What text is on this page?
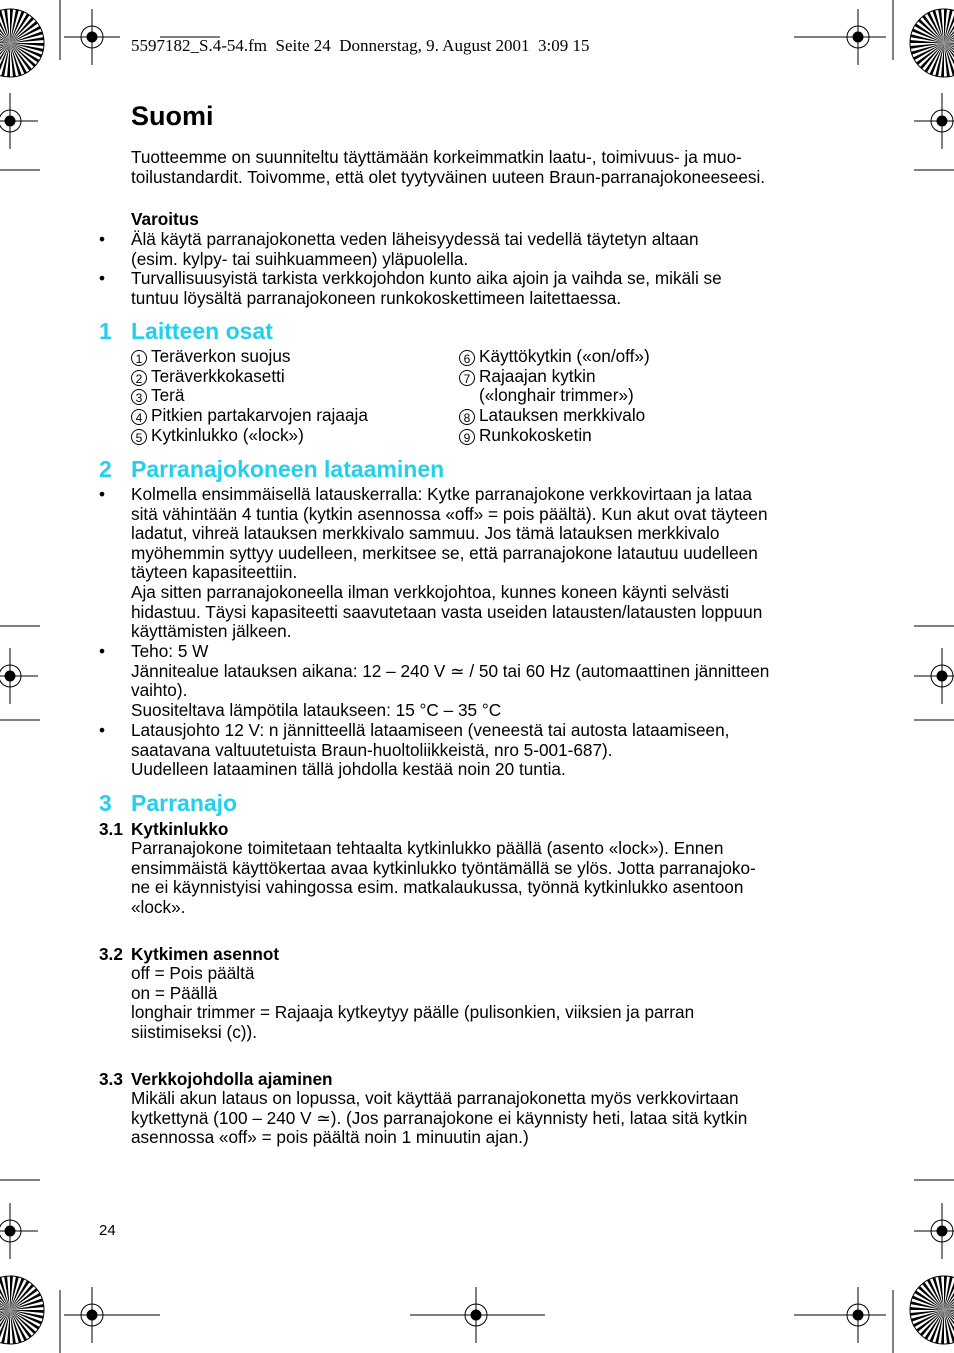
5597182_S.4-54.fm  Seite 24  Donnerstag, 9. August 2001  3:09 15
Suomi
Tuotteemme on suunniteltu täyttämään korkeimmatkin laatu-, toimivuus- ja muo-
toilustandardit. Toivomme, että olet tyytyväinen uuteen Braun-parranajokoneeseesi.
Varoitus
• Älä käytä parranajokonetta veden läheisyydessä tai vedellä täytetyn altaan
(esim. kylpy- tai suihkuammeen) yläpuolella.
• Turvallisuusyistä tarkista verkkojohdon kunto aika ajoin ja vaihda se, mikäli se
tuntuu löysältä parranajokoneen runkokoskettimeen laitettaessa.
1 Laitteen osat
1 Teräverkon suojus
2 Teräverkkokasetti
3 Terä
4 Pitkien partakarvojen rajaaja
5 Kytkinlukko («lock»)
6 Käyttökytkin («on/off»)
7 Rajaajan kytkin
(«longhair trimmer»)
8 Latauksen merkkivalo
9 Runkokosketin
2 Parranajokoneen lataaminen
• Kolmella ensimmäisellä latauskerralla: Kytke parranajokone verkkovirtaan ja lataa
sitä vähintään 4 tuntia (kytkin asennossa «off» = pois päältä). Kun akut ovat täyteen
ladatut, vihreä latauksen merkkivalo sammuu. Jos tämä latauksen merkkivalo
myöhemmin syttyy uudelleen, merkitsee se, että parranajokone latautuu uudelleen
täyteen kapasiteettiin.
Aja sitten parranajokoneella ilman verkkojohtoa, kunnes koneen käynti selvästi
hidastuu. Täysi kapasiteetti saavutetaan vasta useiden latausten/latausten loppuun
käyttämisten jälkeen.
• Teho: 5 W
Jännitealue latauksen aikana: 12 – 240 V ≃ / 50 tai 60 Hz (automaattinen jännitteen
vaihto).
Suositeltava lämpötila lataukseen: 15 °C – 35 °C
• Latausjohto 12 V: n jännitteellä lataamiseen (veneestä tai autosta lataamiseen,
saatavana valtuutetuista Braun-huoltoliikkeistä, nro 5-001-687).
Uudelleen lataaminen tällä johdolla kestää noin 20 tuntia.
3 Parranajo
3.1 Kytkinlukko
Parranajokone toimitetaan tehtaalta kytkinlukko päällä (asento «lock»). Ennen
ensimmäistä käyttökertaa avaa kytkinlukko työntämällä se ylös. Jotta parranajoko-
ne ei käynnistyisi vahingossa esim. matkalaukussa, työnnä kytkinlukko asentoon
«lock».
3.2 Kytkimen asennot
off = Pois päältä
on = Päällä
longhair trimmer = Rajaaja kytkeytyy päälle (pulisonkien, viiksien ja parran
siistimiseksi (c)).
3.3 Verkkojohdolla ajaminen
Mikäli akun lataus on lopussa, voit käyttää parranajokonetta myös verkkovirtaan
kytkettynä (100 – 240 V ≃). (Jos parranajokone ei käynnisty heti, lataa sitä kytkin
asennossa «off» = pois päältä noin 1 minuutin ajan.)
24
